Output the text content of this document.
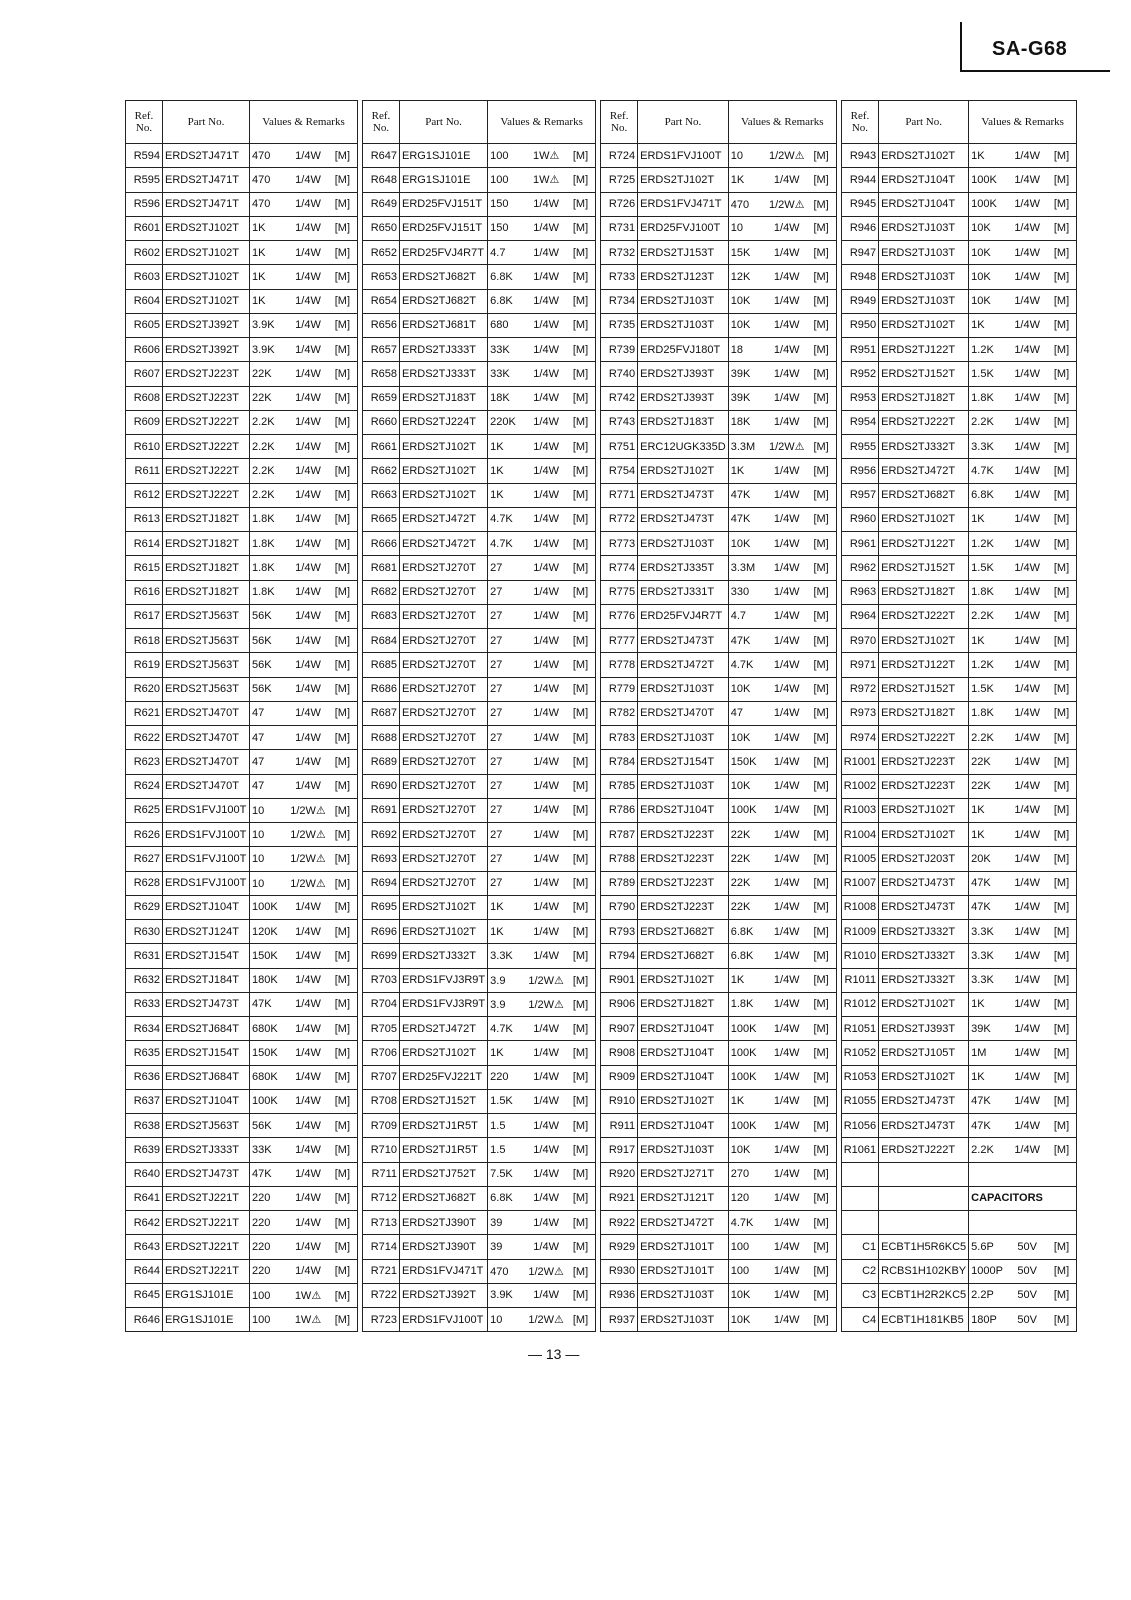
SA-G68
Ref. No.	Part No.	Values & Remarks
R594	ERDS2TJ471T	470 1/4W [M]
R595	ERDS2TJ471T	470 1/4W [M]
R596	ERDS2TJ471T	470 1/4W [M]
R601	ERDS2TJ102T	1K 1/4W [M]
R602	ERDS2TJ102T	1K 1/4W [M]
R603	ERDS2TJ102T	1K 1/4W [M]
R604	ERDS2TJ102T	1K 1/4W [M]
R605	ERDS2TJ392T	3.9K 1/4W [M]
R606	ERDS2TJ392T	3.9K 1/4W [M]
R607	ERDS2TJ223T	22K 1/4W [M]
R608	ERDS2TJ223T	22K 1/4W [M]
R609	ERDS2TJ222T	2.2K 1/4W [M]
R610	ERDS2TJ222T	2.2K 1/4W [M]
R611	ERDS2TJ222T	2.2K 1/4W [M]
R612	ERDS2TJ222T	2.2K 1/4W [M]
R613	ERDS2TJ182T	1.8K 1/4W [M]
R614	ERDS2TJ182T	1.8K 1/4W [M]
R615	ERDS2TJ182T	1.8K 1/4W [M]
R616	ERDS2TJ182T	1.8K 1/4W [M]
R617	ERDS2TJ563T	56K 1/4W [M]
R618	ERDS2TJ563T	56K 1/4W [M]
R619	ERDS2TJ563T	56K 1/4W [M]
R620	ERDS2TJ563T	56K 1/4W [M]
R621	ERDS2TJ470T	47 1/4W [M]
R622	ERDS2TJ470T	47 1/4W [M]
R623	ERDS2TJ470T	47 1/4W [M]
R624	ERDS2TJ470T	47 1/4W [M]
R625	ERDS1FVJ100T	10 1/2W⚠ [M]
R626	ERDS1FVJ100T	10 1/2W⚠ [M]
R627	ERDS1FVJ100T	10 1/2W⚠ [M]
R628	ERDS1FVJ100T	10 1/2W⚠ [M]
R629	ERDS2TJ104T	100K 1/4W [M]
R630	ERDS2TJ124T	120K 1/4W [M]
R631	ERDS2TJ154T	150K 1/4W [M]
R632	ERDS2TJ184T	180K 1/4W [M]
R633	ERDS2TJ473T	47K 1/4W [M]
R634	ERDS2TJ684T	680K 1/4W [M]
R635	ERDS2TJ154T	150K 1/4W [M]
R636	ERDS2TJ684T	680K 1/4W [M]
R637	ERDS2TJ104T	100K 1/4W [M]
R638	ERDS2TJ563T	56K 1/4W [M]
R639	ERDS2TJ333T	33K 1/4W [M]
R640	ERDS2TJ473T	47K 1/4W [M]
R641	ERDS2TJ221T	220 1/4W [M]
R642	ERDS2TJ221T	220 1/4W [M]
R643	ERDS2TJ221T	220 1/4W [M]
R644	ERDS2TJ221T	220 1/4W [M]
R645	ERG1SJ101E	100 1W⚠ [M]
R646	ERG1SJ101E	100 1W⚠ [M]
Ref. No.	Part No.	Values & Remarks
R647	ERG1SJ101E	100 1W⚠ [M]
R648	ERG1SJ101E	100 1W⚠ [M]
R649	ERD25FVJ151T	150 1/4W [M]
R650	ERD25FVJ151T	150 1/4W [M]
R652	ERD25FVJ4R7T	4.7 1/4W [M]
R653	ERDS2TJ682T	6.8K 1/4W [M]
R654	ERDS2TJ682T	6.8K 1/4W [M]
R656	ERDS2TJ681T	680 1/4W [M]
R657	ERDS2TJ333T	33K 1/4W [M]
R658	ERDS2TJ333T	33K 1/4W [M]
R659	ERDS2TJ183T	18K 1/4W [M]
R660	ERDS2TJ224T	220K 1/4W [M]
R661	ERDS2TJ102T	1K 1/4W [M]
R662	ERDS2TJ102T	1K 1/4W [M]
R663	ERDS2TJ102T	1K 1/4W [M]
R665	ERDS2TJ472T	4.7K 1/4W [M]
R666	ERDS2TJ472T	4.7K 1/4W [M]
R681	ERDS2TJ270T	27 1/4W [M]
R682	ERDS2TJ270T	27 1/4W [M]
R683	ERDS2TJ270T	27 1/4W [M]
R684	ERDS2TJ270T	27 1/4W [M]
R685	ERDS2TJ270T	27 1/4W [M]
R686	ERDS2TJ270T	27 1/4W [M]
R687	ERDS2TJ270T	27 1/4W [M]
R688	ERDS2TJ270T	27 1/4W [M]
R689	ERDS2TJ270T	27 1/4W [M]
R690	ERDS2TJ270T	27 1/4W [M]
R691	ERDS2TJ270T	27 1/4W [M]
R692	ERDS2TJ270T	27 1/4W [M]
R693	ERDS2TJ270T	27 1/4W [M]
R694	ERDS2TJ270T	27 1/4W [M]
R695	ERDS2TJ102T	1K 1/4W [M]
R696	ERDS2TJ102T	1K 1/4W [M]
R699	ERDS2TJ332T	3.3K 1/4W [M]
R703	ERDS1FVJ3R9T	3.9 1/2W⚠ [M]
R704	ERDS1FVJ3R9T	3.9 1/2W⚠ [M]
R705	ERDS2TJ472T	4.7K 1/4W [M]
R706	ERDS2TJ102T	1K 1/4W [M]
R707	ERD25FVJ221T	220 1/4W [M]
R708	ERDS2TJ152T	1.5K 1/4W [M]
R709	ERDS2TJ1R5T	1.5 1/4W [M]
R710	ERDS2TJ1R5T	1.5 1/4W [M]
R711	ERDS2TJ752T	7.5K 1/4W [M]
R712	ERDS2TJ682T	6.8K 1/4W [M]
R713	ERDS2TJ390T	39 1/4W [M]
R714	ERDS2TJ390T	39 1/4W [M]
R721	ERDS1FVJ471T	470 1/2W⚠ [M]
R722	ERDS2TJ392T	3.9K 1/4W [M]
R723	ERDS1FVJ100T	10 1/2W⚠ [M]
Ref. No.	Part No.	Values & Remarks
R724	ERDS1FVJ100T	10 1/2W⚠ [M]
R725	ERDS2TJ102T	1K 1/4W [M]
R726	ERDS1FVJ471T	470 1/2W⚠ [M]
R731	ERD25FVJ100T	10 1/4W [M]
R732	ERDS2TJ153T	15K 1/4W [M]
R733	ERDS2TJ123T	12K 1/4W [M]
R734	ERDS2TJ103T	10K 1/4W [M]
R735	ERDS2TJ103T	10K 1/4W [M]
R739	ERD25FVJ180T	18 1/4W [M]
R740	ERDS2TJ393T	39K 1/4W [M]
R742	ERDS2TJ393T	39K 1/4W [M]
R743	ERDS2TJ183T	18K 1/4W [M]
R751	ERC12UGK335D	3.3M 1/2W⚠ [M]
R754	ERDS2TJ102T	1K 1/4W [M]
R771	ERDS2TJ473T	47K 1/4W [M]
R772	ERDS2TJ473T	47K 1/4W [M]
R773	ERDS2TJ103T	10K 1/4W [M]
R774	ERDS2TJ335T	3.3M 1/4W [M]
R775	ERDS2TJ331T	330 1/4W [M]
R776	ERD25FVJ4R7T	4.7 1/4W [M]
R777	ERDS2TJ473T	47K 1/4W [M]
R778	ERDS2TJ472T	4.7K 1/4W [M]
R779	ERDS2TJ103T	10K 1/4W [M]
R782	ERDS2TJ470T	47 1/4W [M]
R783	ERDS2TJ103T	10K 1/4W [M]
R784	ERDS2TJ154T	150K 1/4W [M]
R785	ERDS2TJ103T	10K 1/4W [M]
R786	ERDS2TJ104T	100K 1/4W [M]
R787	ERDS2TJ223T	22K 1/4W [M]
R788	ERDS2TJ223T	22K 1/4W [M]
R789	ERDS2TJ223T	22K 1/4W [M]
R790	ERDS2TJ223T	22K 1/4W [M]
R793	ERDS2TJ682T	6.8K 1/4W [M]
R794	ERDS2TJ682T	6.8K 1/4W [M]
R901	ERDS2TJ102T	1K 1/4W [M]
R906	ERDS2TJ182T	1.8K 1/4W [M]
R907	ERDS2TJ104T	100K 1/4W [M]
R908	ERDS2TJ104T	100K 1/4W [M]
R909	ERDS2TJ104T	100K 1/4W [M]
R910	ERDS2TJ102T	1K 1/4W [M]
R911	ERDS2TJ104T	100K 1/4W [M]
R917	ERDS2TJ103T	10K 1/4W [M]
R920	ERDS2TJ271T	270 1/4W [M]
R921	ERDS2TJ121T	120 1/4W [M]
R922	ERDS2TJ472T	4.7K 1/4W [M]
R929	ERDS2TJ101T	100 1/4W [M]
R930	ERDS2TJ101T	100 1/4W [M]
R936	ERDS2TJ103T	10K 1/4W [M]
R937	ERDS2TJ103T	10K 1/4W [M]
Ref. No.	Part No.	Values & Remarks
R943	ERDS2TJ102T	1K 1/4W [M]
R944	ERDS2TJ104T	100K 1/4W [M]
R945	ERDS2TJ104T	100K 1/4W [M]
R946	ERDS2TJ103T	10K 1/4W [M]
R947	ERDS2TJ103T	10K 1/4W [M]
R948	ERDS2TJ103T	10K 1/4W [M]
R949	ERDS2TJ103T	10K 1/4W [M]
R950	ERDS2TJ102T	1K 1/4W [M]
R951	ERDS2TJ122T	1.2K 1/4W [M]
R952	ERDS2TJ152T	1.5K 1/4W [M]
R953	ERDS2TJ182T	1.8K 1/4W [M]
R954	ERDS2TJ222T	2.2K 1/4W [M]
R955	ERDS2TJ332T	3.3K 1/4W [M]
R956	ERDS2TJ472T	4.7K 1/4W [M]
R957	ERDS2TJ682T	6.8K 1/4W [M]
R960	ERDS2TJ102T	1K 1/4W [M]
R961	ERDS2TJ122T	1.2K 1/4W [M]
R962	ERDS2TJ152T	1.5K 1/4W [M]
R963	ERDS2TJ182T	1.8K 1/4W [M]
R964	ERDS2TJ222T	2.2K 1/4W [M]
R970	ERDS2TJ102T	1K 1/4W [M]
R971	ERDS2TJ122T	1.2K 1/4W [M]
R972	ERDS2TJ152T	1.5K 1/4W [M]
R973	ERDS2TJ182T	1.8K 1/4W [M]
R974	ERDS2TJ222T	2.2K 1/4W [M]
R1001	ERDS2TJ223T	22K 1/4W [M]
R1002	ERDS2TJ223T	22K 1/4W [M]
R1003	ERDS2TJ102T	1K 1/4W [M]
R1004	ERDS2TJ102T	1K 1/4W [M]
R1005	ERDS2TJ203T	20K 1/4W [M]
R1007	ERDS2TJ473T	47K 1/4W [M]
R1008	ERDS2TJ473T	47K 1/4W [M]
R1009	ERDS2TJ332T	3.3K 1/4W [M]
R1010	ERDS2TJ332T	3.3K 1/4W [M]
R1011	ERDS2TJ332T	3.3K 1/4W [M]
R1012	ERDS2TJ102T	1K 1/4W [M]
R1051	ERDS2TJ393T	39K 1/4W [M]
R1052	ERDS2TJ105T	1M 1/4W [M]
R1053	ERDS2TJ102T	1K 1/4W [M]
R1055	ERDS2TJ473T	47K 1/4W [M]
R1056	ERDS2TJ473T	47K 1/4W [M]
R1061	ERDS2TJ222T	2.2K 1/4W [M]

		CAPACITORS

C1	ECBT1H5R6KC5	5.6P 50V [M]
C2	RCBS1H102KBY	1000P 50V [M]
C3	ECBT1H2R2KC5	2.2P 50V [M]
C4	ECBT1H181KB5	180P 50V [M]
— 13 —
